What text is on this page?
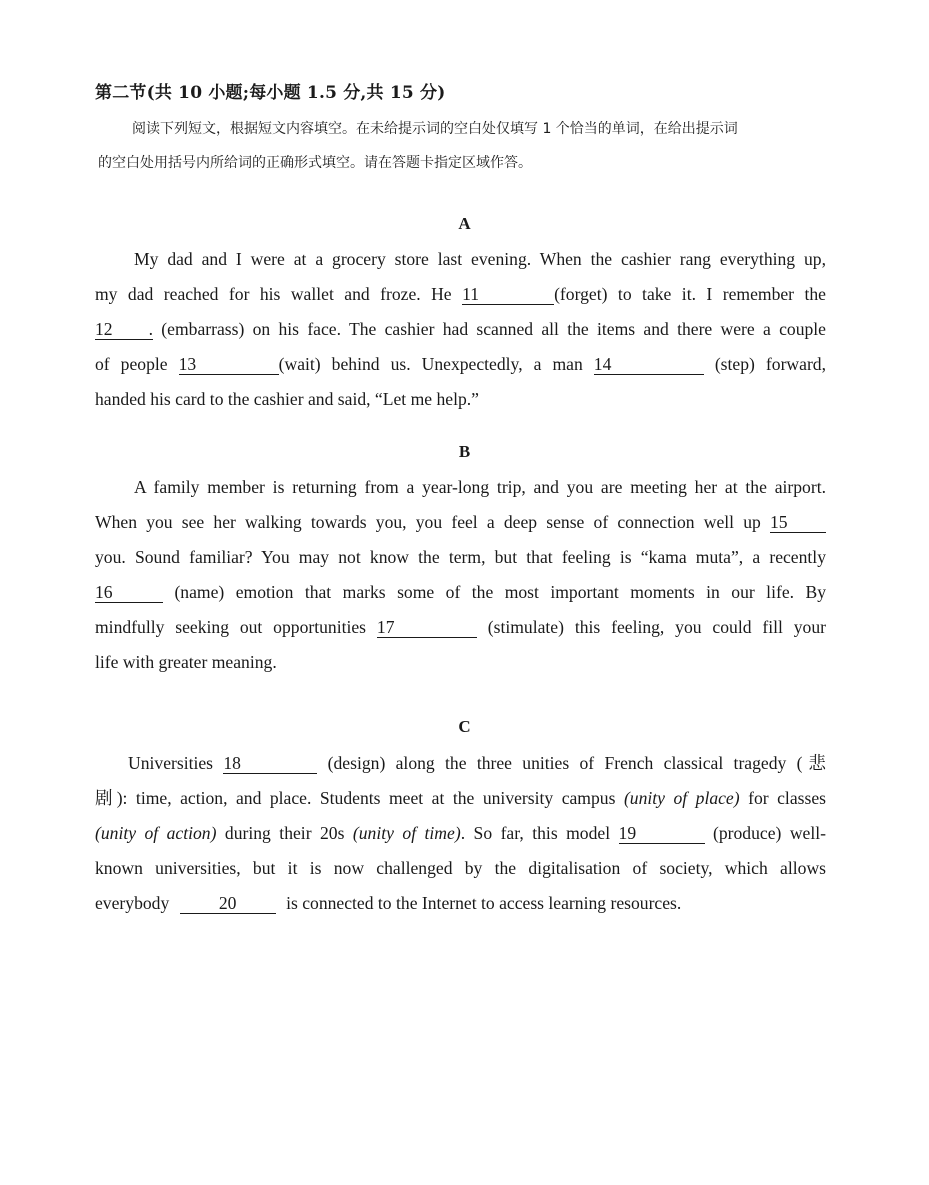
第二节(共 10 小题;每小题 1.5 分,共 15 分)
阅读下列短文，根据短文内容填空。在未给提示词的空白处仅填写 1 个恰当的单词，在给出提示词
的空白处用括号内所给词的正确形式填空。请在答题卡指定区域作答。
A
My dad and I were at a grocery store last evening. When the cashier rang everything up,
my dad reached for his wallet and froze. He 11	(forget) to take it. I remember the
12  . (embarrass) on his face. The cashier had scanned all the items and there were a couple
of people 13	(wait) behind us. Unexpectedly, a man 14	(step) forward,
handed his card to the cashier and said, “Let me help.”
B
A family member is returning from a year-long trip, and you are meeting her at the airport.
When you see her walking towards you, you feel a deep sense of connection well up 15
you. Sound familiar? You may not know the term, but that feeling is “kama muta”, a recently
16	(name) emotion that marks some of the most important moments in our life. By
mindfully seeking out opportunities 17	(stimulate) this feeling, you could fill your
life with greater meaning.
C
Universities 18	(design) along the three unities of French classical tragedy (悲
剧): time, action, and place. Students meet at the university campus (unity of place) for classes
(unity of action) during their 20s (unity of time). So far, this model 19	(produce) well-
known universities, but it is now challenged by the digitalisation of society, which allows
everybody	20	is connected to the Internet to access learning resources.
